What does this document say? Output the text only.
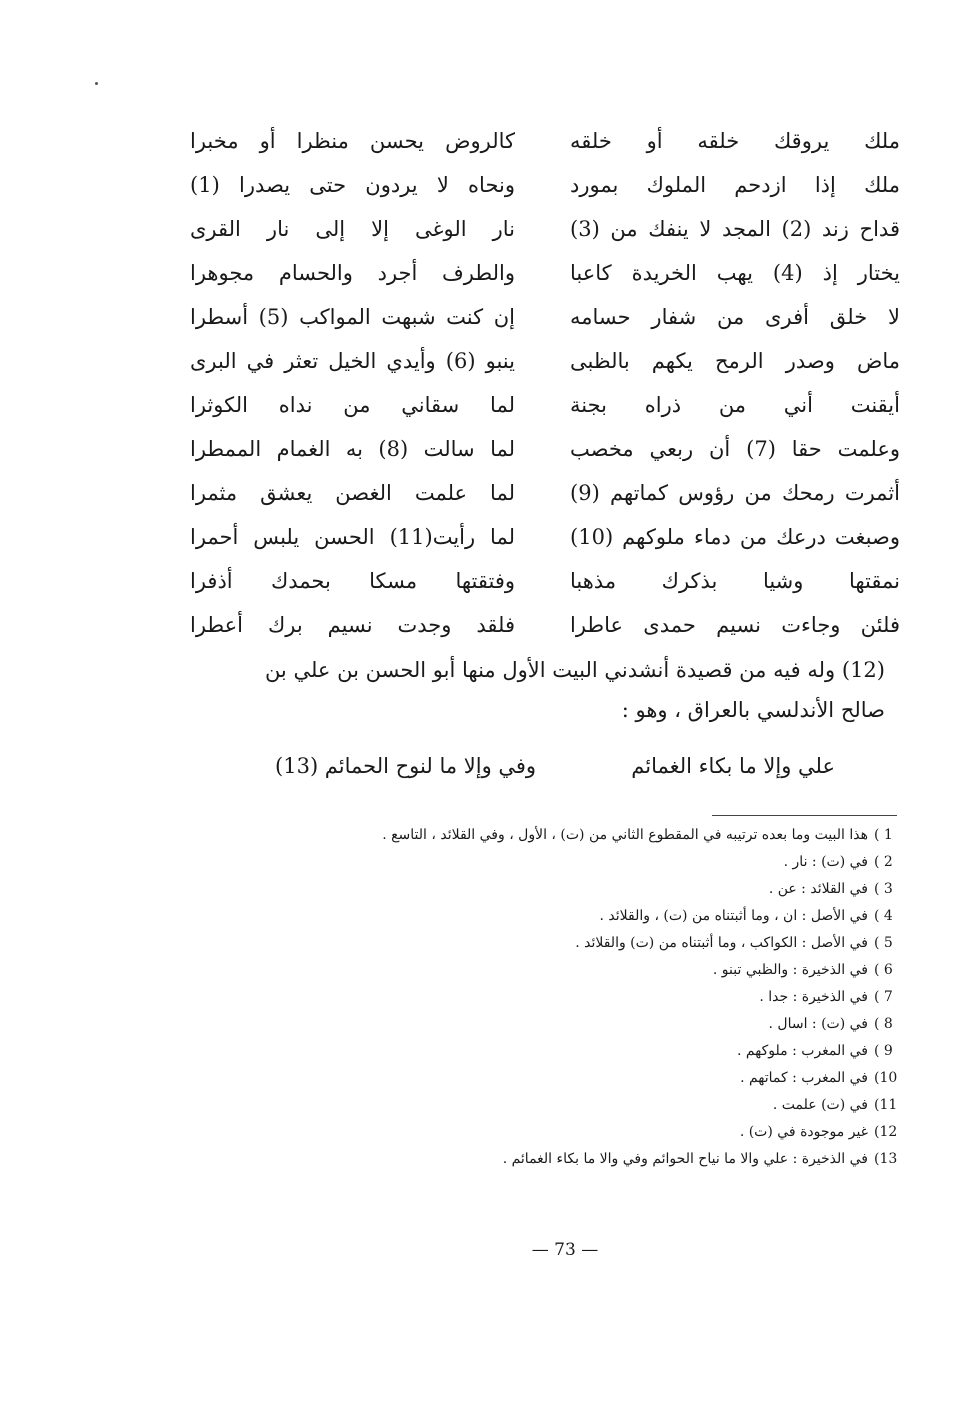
ملك يروقك خلقه أو خلقه
كالروض يحسن منظرا أو مخبرا
ملك إذا ازدحم الملوك بمورد
ونحاه لا يردون حتى يصدرا (1)
قداح زند (2) المجد لا ينفك من (3)
نار الوغى إلا إلى نار القرى
يختار إذ (4) يهب الخريدة كاعبا
والطرف أجرد والحسام مجوهرا
لا خلق أفرى من شفار حسامه
إن كنت شبهت المواكب (5) أسطرا
ماض وصدر الرمح يكهم بالظبى
ينبو (6) وأيدي الخيل تعثر في البرى
أيقنت أني من ذراه بجنة
لما سقاني من نداه الكوثرا
وعلمت حقا (7) أن ربعي مخصب
لما سالت (8) به الغمام الممطرا
أثمرت رمحك من رؤوس كماتهم (9)
لما علمت الغصن يعشق مثمرا
وصبغت درعك من دماء ملوكهم (10)
لما رأيت(11) الحسن يلبس أحمرا
نمقتها وشيا بذكرك مذهبا
وفتقتها مسكا بحمدك أذفرا
فلئن وجاءت نسيم حمدى عاطرا
فلقد وجدت نسيم برك أعطرا
(12) وله فيه من قصيدة أنشدني البيت الأول منها أبو الحسن بن علي بن
صالح الأندلسي بالعراق ، وهو :
علي وإلا ما بكاء الغمائم
وفي وإلا ما لنوح الحمائم (13)
1 )هذا البيت وما بعده ترتيبه في المقطوع الثاني من (ت) ، الأول ، وفي القلائد ، التاسع .
2 )في (ت) : نار .
3 )في القلائد : عن .
4 )في الأصل : ان ، وما أثبتناه من (ت) ، والقلائد .
5 )في الأصل : الكواكب ، وما أثبتناه من (ت) والقلائد .
6 )في الذخيرة : والظبي تبنو .
7 )في الذخيرة : جدا .
8 )في (ت) : اسال .
9 )في المغرب : ملوكهم .
10)في المغرب : كماتهم .
11)في (ت) علمت .
12)غير موجودة في (ت) .
13)في الذخيرة : علي والا ما نياح الحوائم وفي والا ما بكاء الغمائم .
— 73 —
